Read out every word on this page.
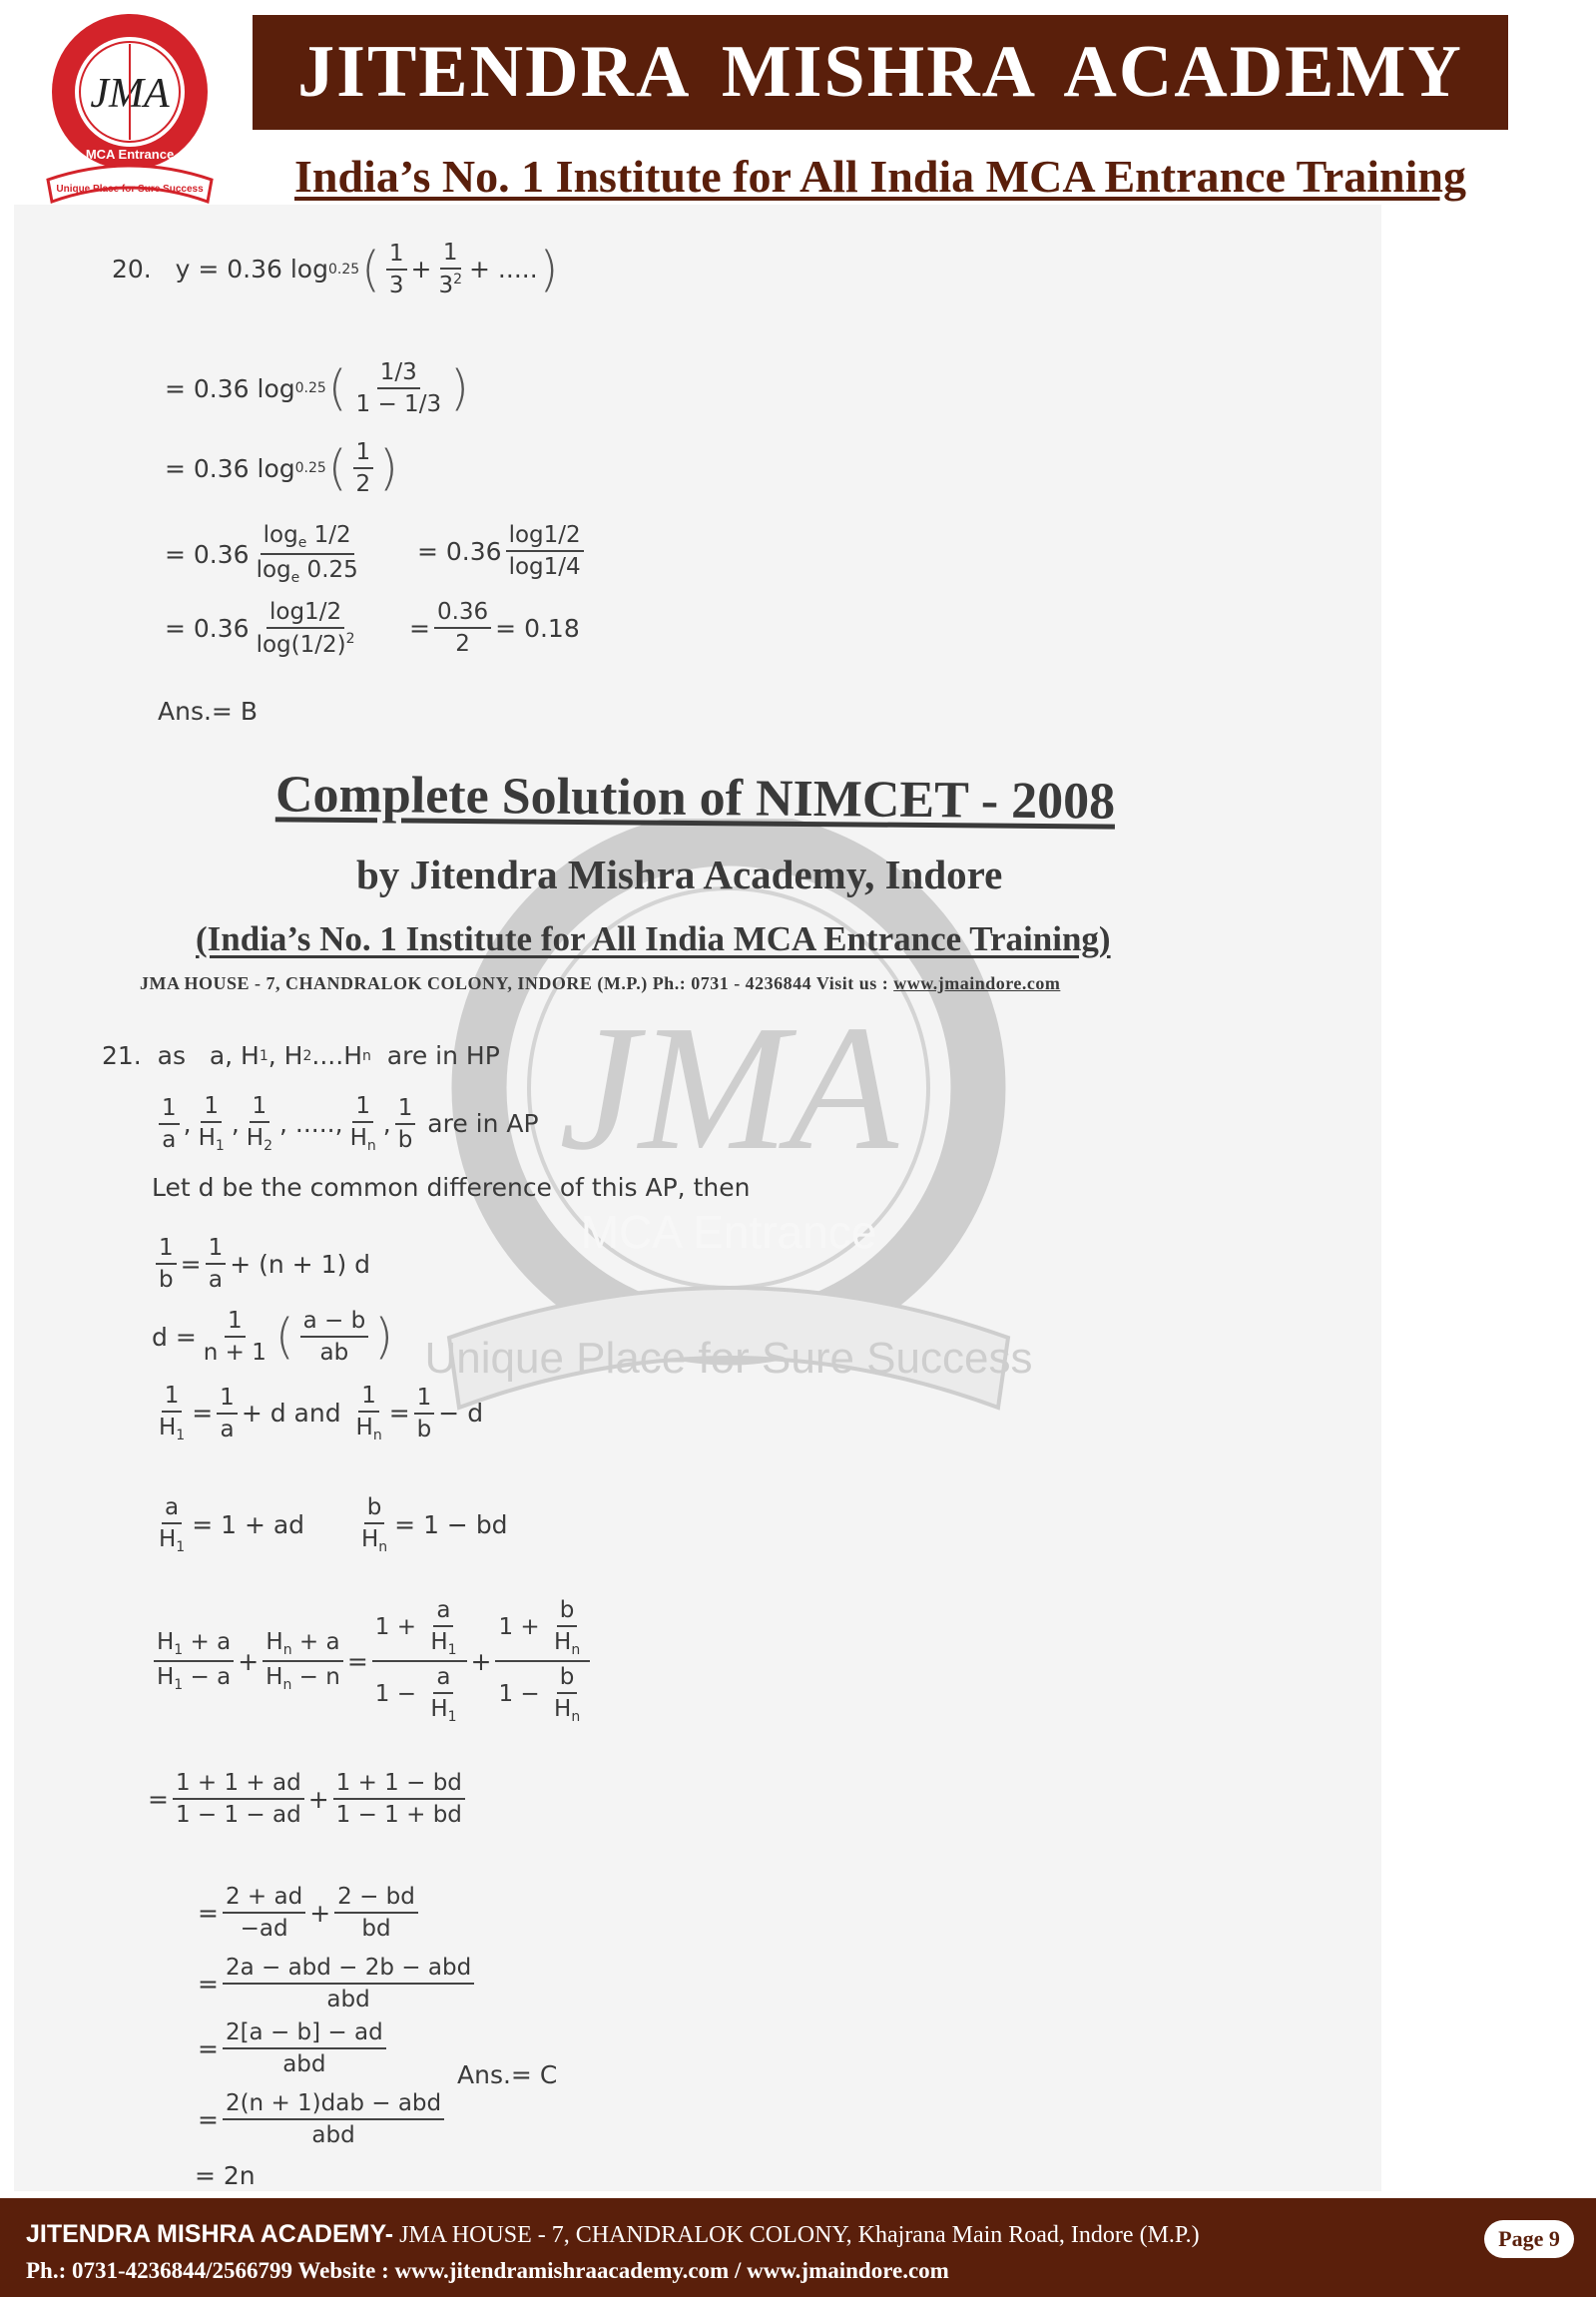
JMA
MCA Entrance
Unique Place for Sure Success
JITENDRA MISHRA ACADEMY
India’s No. 1 Institute for All India MCA Entrance Training
JMA
MCA Entrance
Unique Place for Sure Success
20. y = 0.36 log 0.25 ( 1
3
+
1
$3^2$ + ..... )
= 0.36 log 0.25 ( 1/3
1 − 1/3 )
= 0.36 log 0.25 ( 1
2 )
= 0.36
$\log_e 1/2$
$\log_e 0.25$
= 0.36
log1/2
log1/4
= 0.36
log1/2
$\log(1/2)^2$ =
0.36
2
= 0.18
Ans.= B
Complete Solution of NIMCET - 2008
by Jitendra Mishra Academy, Indore
(India’s No. 1 Institute for All India MCA Entrance Training)
JMA HOUSE - 7, CHANDRALOK COLONY, INDORE (M.P.) Ph.: 0731 - 4236844 Visit us : www.jmaindore.com
21. as   a, H 1 , H 2 ....H n
are in HP
1
a
,
1
$H_1$
,
1
$H_2$
, .....,
1
$H_n$
,
1
b

are in AP
Let d be the common difference of this AP, then
1
b
=
1
a
+ (n + 1) d
d =
1
n + 1 ( a − b
ab )
1
$H_1$
=
1
a
+ d and

1
$H_n$
=
1
b
− d
a
$H_1$
= 1 + ad
b
$H_n$
= 1 − bd
$H_1 + a$
$H_1 - a$
+
$H_n + a$
$H_n - n$
=
$1 + \frac{a}{H_1}$
$1 - \frac{a}{H_1}$
+
$1 + \frac{b}{H_n}$
$1 - \frac{b}{H_n}$
=
1 + 1 + ad
1 − 1 − ad
+
1 + 1 − bd
1 − 1 + bd
=
2 + ad
−ad
+
2 − bd
bd
=
2a − abd − 2b − abd
abd
=
2[a − b] − ad
abd	Ans.= C
=
2(n + 1)dab − abd
abd
= 2n
JITENDRA MISHRA ACADEMY- JMA HOUSE - 7, CHANDRALOK COLONY, Khajrana Main Road, Indore (M.P.)
Ph.: 0731-4236844/2566799 Website : www.jitendramishraacademy.com / www.jmaindore.com
Page 9
